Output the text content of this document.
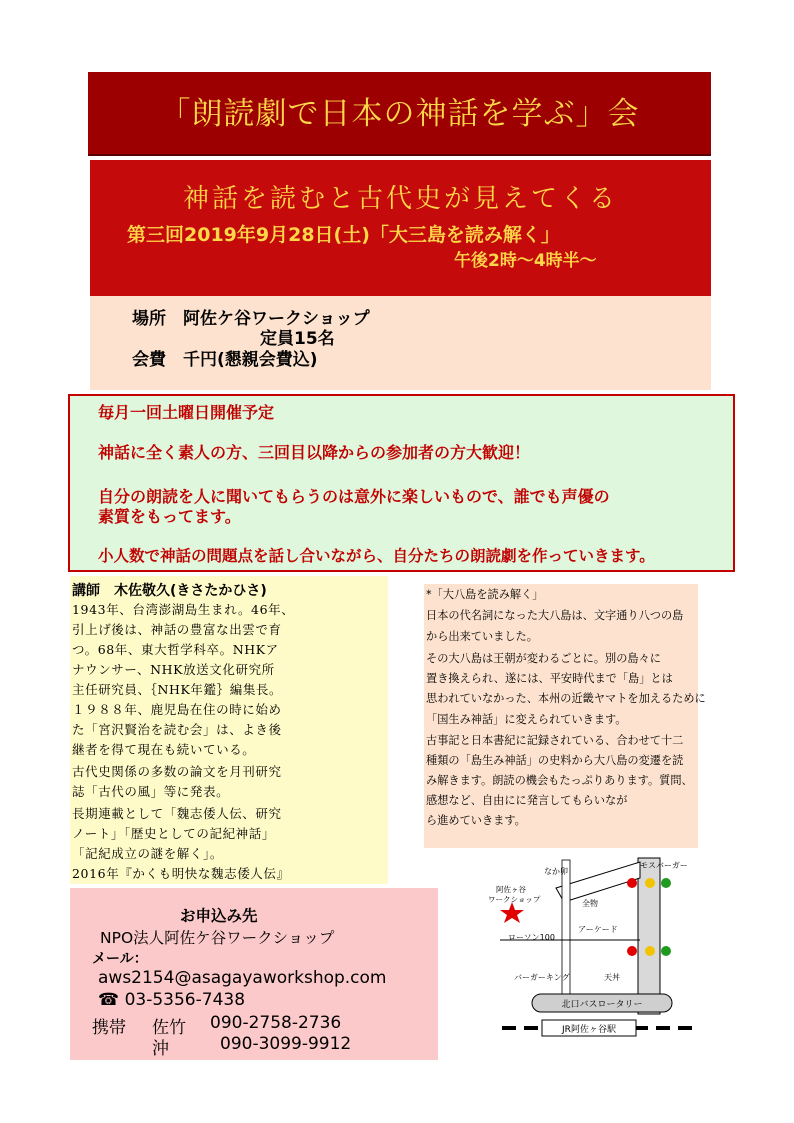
「朗読劇で日本の神話を学ぶ」会
神話を読むと古代史が見えてくる
第三回2019年9月28日(土)「大三島を読み解く」
午後2時～4時半～
場所　阿佐ケ谷ワークショップ
定員15名
会費　千円(懇親会費込)
毎月一回土曜日開催予定
神話に全く素人の方、三回目以降からの参加者の方大歓迎！
自分の朗読を人に聞いてもらうのは意外に楽しいもので、誰でも声優の
素質をもってます。
小人数で神話の問題点を話し合いながら、自分たちの朗読劇を作っていきます。
1943年、台湾澎湖島生まれ。46年、
引上げ後は、神話の豊富な出雲で育
つ。68年、東大哲学科卒。NHKア
ナウンサー、NHK放送文化研究所
主任研究員、｛NHK年鑑｝編集長。
１９８８年、鹿児島在住の時に始め
た「宮沢賢治を読む会」は、よき後
継者を得て現在も続いている。
古代史関係の多数の論文を月刊研究
誌「古代の風」等に発表。
長期連載として「魏志倭人伝、研究
ノート」「歴史としての記紀神話」
「記紀成立の謎を解く」。
2016年『かくも明快な魏志倭人伝』
講師　木佐敬久(きさたかひさ)	*「大八島を読み解く」
日本の代名詞になった大八島は、文字通り八つの島
から出来ていました。
その大八島は王朝が変わるごとに。別の島々に
置き換えられ、遂には、平安時代まで「島」とは
思われていなかった、本州の近畿ヤマトを加えるために
「国生み神話」に変えられていきます。
古事記と日本書紀に記録されている、合わせて十二
種類の「島生み神話」の史料から大八島の変遷を読
み解きます。朗読の機会もたっぷりあります。質問、
感想など、自由にに発言してもらいなが
ら進めていきます。
お申込み先
NPO法人阿佐ケ谷ワークショップ
メール：
aws2154@asagayaworkshop.com
☎ 03-5356-7438
携帯 佐竹 090-2758-2736
沖	090-3099-9912
北口バスロータリー
JR阿佐ヶ谷駅
モスバーガー
なか卯
阿佐ヶ谷
ワークショップ	全物
ローソン100
アーケード
バーガーキング	天丼
